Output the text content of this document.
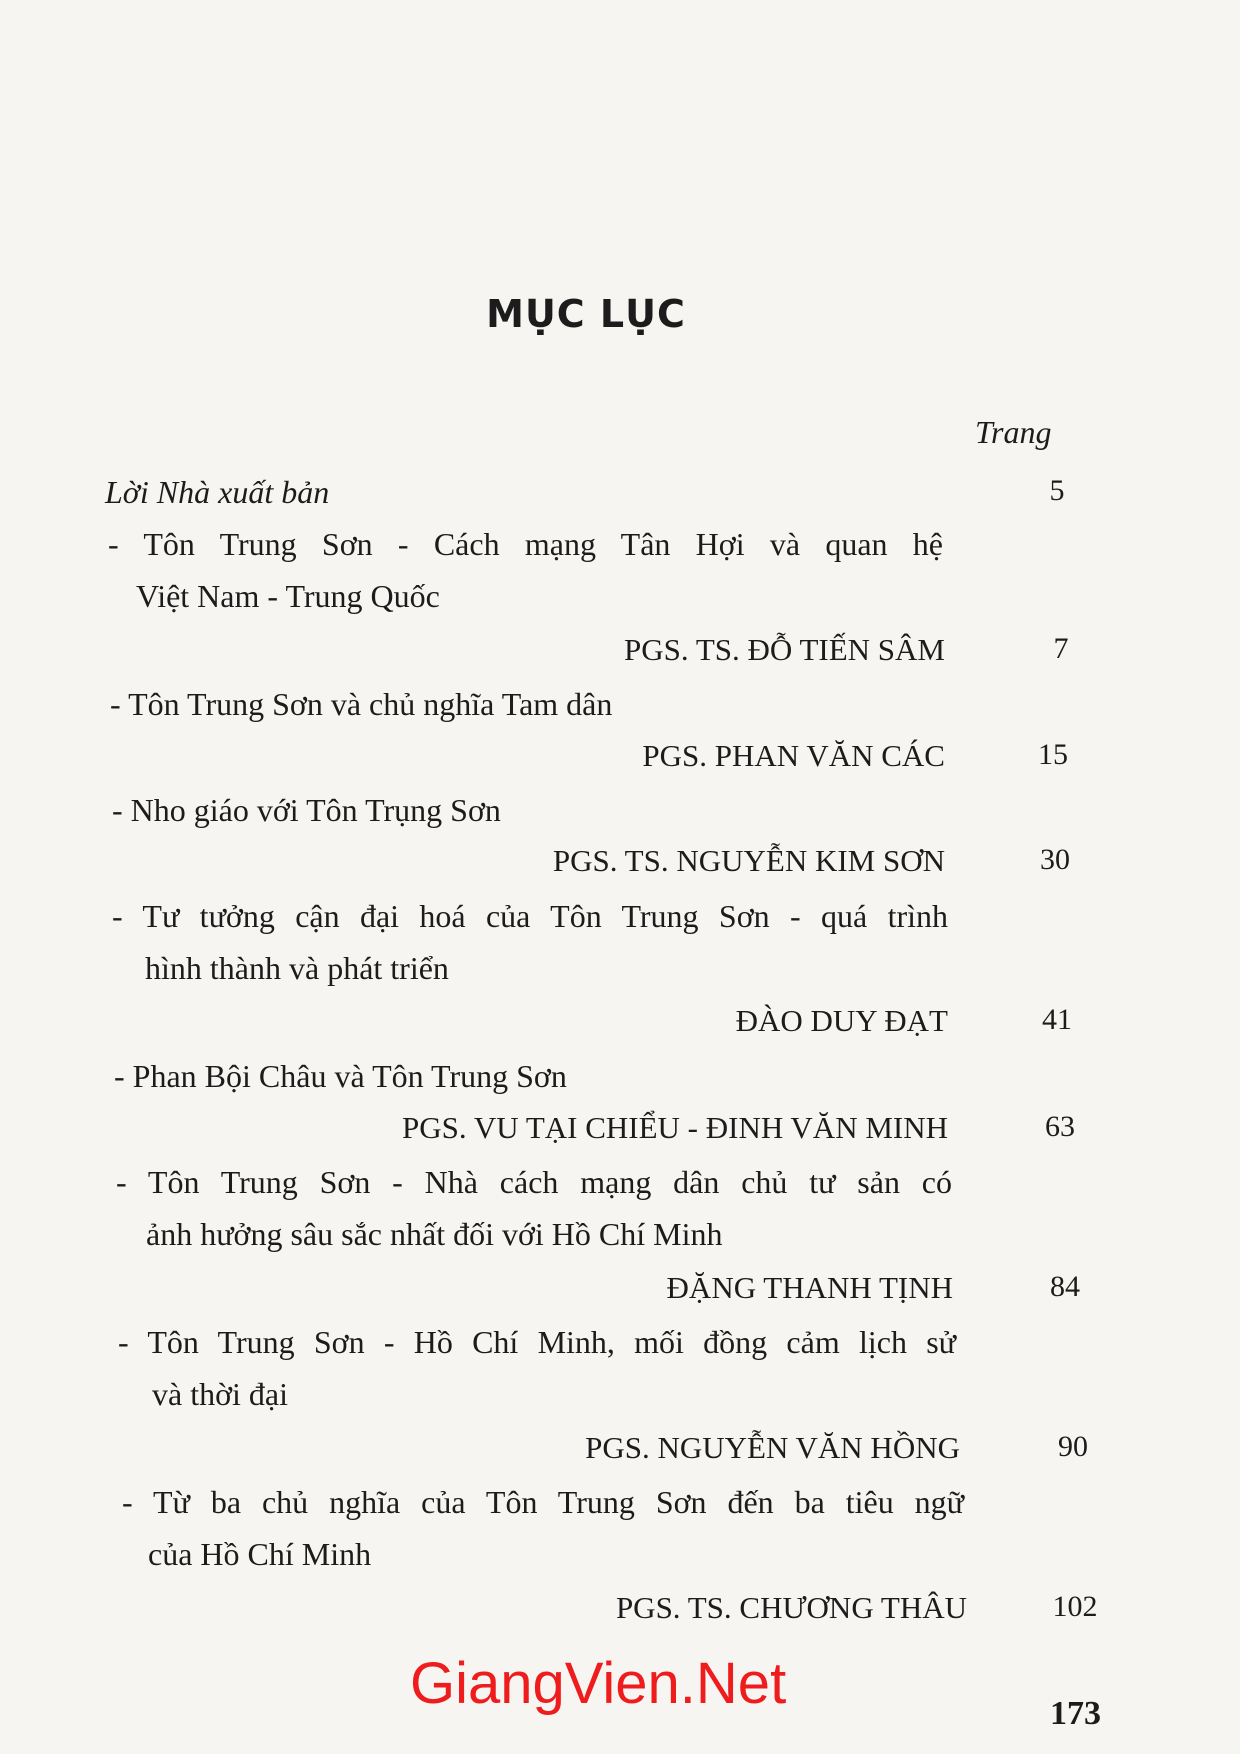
MỤC LỤC
Trang
Lời Nhà xuất bản	5
- Tôn Trung Sơn - Cách mạng Tân Hợi và quan hệ
Việt Nam - Trung Quốc
PGS. TS. ĐỖ TIẾN SÂM	7
- Tôn Trung Sơn và chủ nghĩa Tam dân
PGS. PHAN VĂN CÁC	15
- Nho giáo với Tôn Trụng Sơn
PGS. TS. NGUYỄN KIM SƠN	30
- Tư tưởng cận đại hoá của Tôn Trung Sơn - quá trình
hình thành và phát triển
ĐÀO DUY ĐẠT	41
- Phan Bội Châu và Tôn Trung Sơn
PGS. VU TẠI CHIỂU - ĐINH VĂN MINH	63
- Tôn Trung Sơn - Nhà cách mạng dân chủ tư sản có
ảnh hưởng sâu sắc nhất đối với Hồ Chí Minh
ĐẶNG THANH TỊNH	84
- Tôn Trung Sơn - Hồ Chí Minh, mối đồng cảm lịch sử
và thời đại
PGS. NGUYỄN VĂN HỒNG	90
- Từ ba chủ nghĩa của Tôn Trung Sơn đến ba tiêu ngữ
của Hồ Chí Minh
PGS. TS. CHƯƠNG THÂU	102
GiangVien.Net	173
